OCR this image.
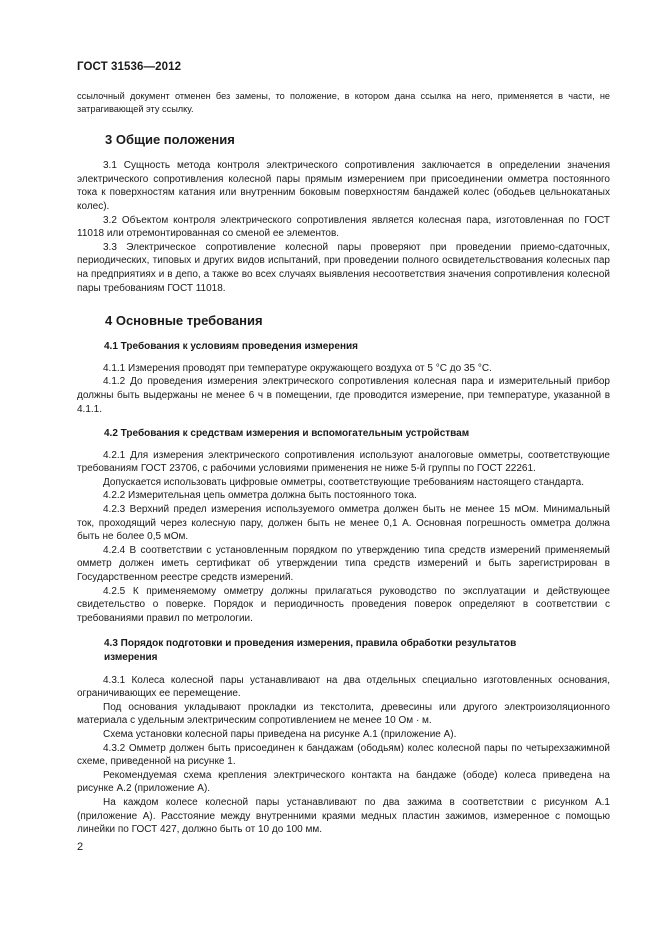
ГОСТ 31536—2012

ссылочный документ отменен без замены, то положение, в котором дана ссылка на него, применяется в части, не затрагивающей эту ссылку.

3 Общие положения

3.1 Сущность метода контроля электрического сопротивления заключается в определении значения электрического сопротивления колесной пары прямым измерением при присоединении омметра постоянного тока к поверхностям катания или внутренним боковым поверхностям бандажей колес (ободьев цельнокатаных колес).

3.2 Объектом контроля электрического сопротивления является колесная пара, изготовленная по ГОСТ 11018 или отремонтированная со сменой ее элементов.

3.3 Электрическое сопротивление колесной пары проверяют при проведении приемо-сдаточных, периодических, типовых и других видов испытаний, при проведении полного освидетельствования колесных пар на предприятиях и в депо, а также во всех случаях выявления несоответствия значения сопротивления колесной пары требованиям ГОСТ 11018.

4 Основные требования
4.1 Требования к условиям проведения измерения

4.1.1 Измерения проводят при температуре окружающего воздуха от 5 °С до 35 °С.

4.1.2 До проведения измерения электрического сопротивления колесная пара и измерительный прибор должны быть выдержаны не менее 6 ч в помещении, где проводится измерение, при температуре, указанной в 4.1.1.

4.2 Требования к средствам измерения и вспомогательным устройствам

4.2.1 Для измерения электрического сопротивления используют аналоговые омметры, соответствующие требованиям ГОСТ 23706, с рабочими условиями применения не ниже 5-й группы по ГОСТ 22261.

Допускается использовать цифровые омметры, соответствующие требованиям настоящего стандарта.

4.2.2 Измерительная цепь омметра должна быть постоянного тока.

4.2.3 Верхний предел измерения используемого омметра должен быть не менее 15 мОм. Минимальный ток, проходящий через колесную пару, должен быть не менее 0,1 А. Основная погрешность омметра должна быть не более 0,5 мОм.

4.2.4 В соответствии с установленным порядком по утверждению типа средств измерений применяемый омметр должен иметь сертификат об утверждении типа средств измерений и быть зарегистрирован в Государственном реестре средств измерений.

4.2.5 К применяемому омметру должны прилагаться руководство по эксплуатации и действующее свидетельство о поверке. Порядок и периодичность проведения поверок определяют в соответствии с требованиями правил по метрологии.

4.3 Порядок подготовки и проведения измерения, правила обработки результатов
измерения

4.3.1 Колеса колесной пары устанавливают на два отдельных специально изготовленных основания, ограничивающих ее перемещение.

Под основания укладывают прокладки из текстолита, древесины или другого электроизоляционного материала с удельным электрическим сопротивлением не менее 10 Ом · м.

Схема установки колесной пары приведена на рисунке А.1 (приложение А).

4.3.2 Омметр должен быть присоединен к бандажам (ободьям) колес колесной пары по четырехзажимной схеме, приведенной на рисунке 1.

Рекомендуемая схема крепления электрического контакта на бандаже (ободе) колеса приведена на рисунке А.2 (приложение А).

На каждом колесе колесной пары устанавливают по два зажима в соответствии с рисунком А.1 (приложение А). Расстояние между внутренними краями медных пластин зажимов, измеренное с помощью линейки по ГОСТ 427, должно быть от 10 до 100 мм.

2
